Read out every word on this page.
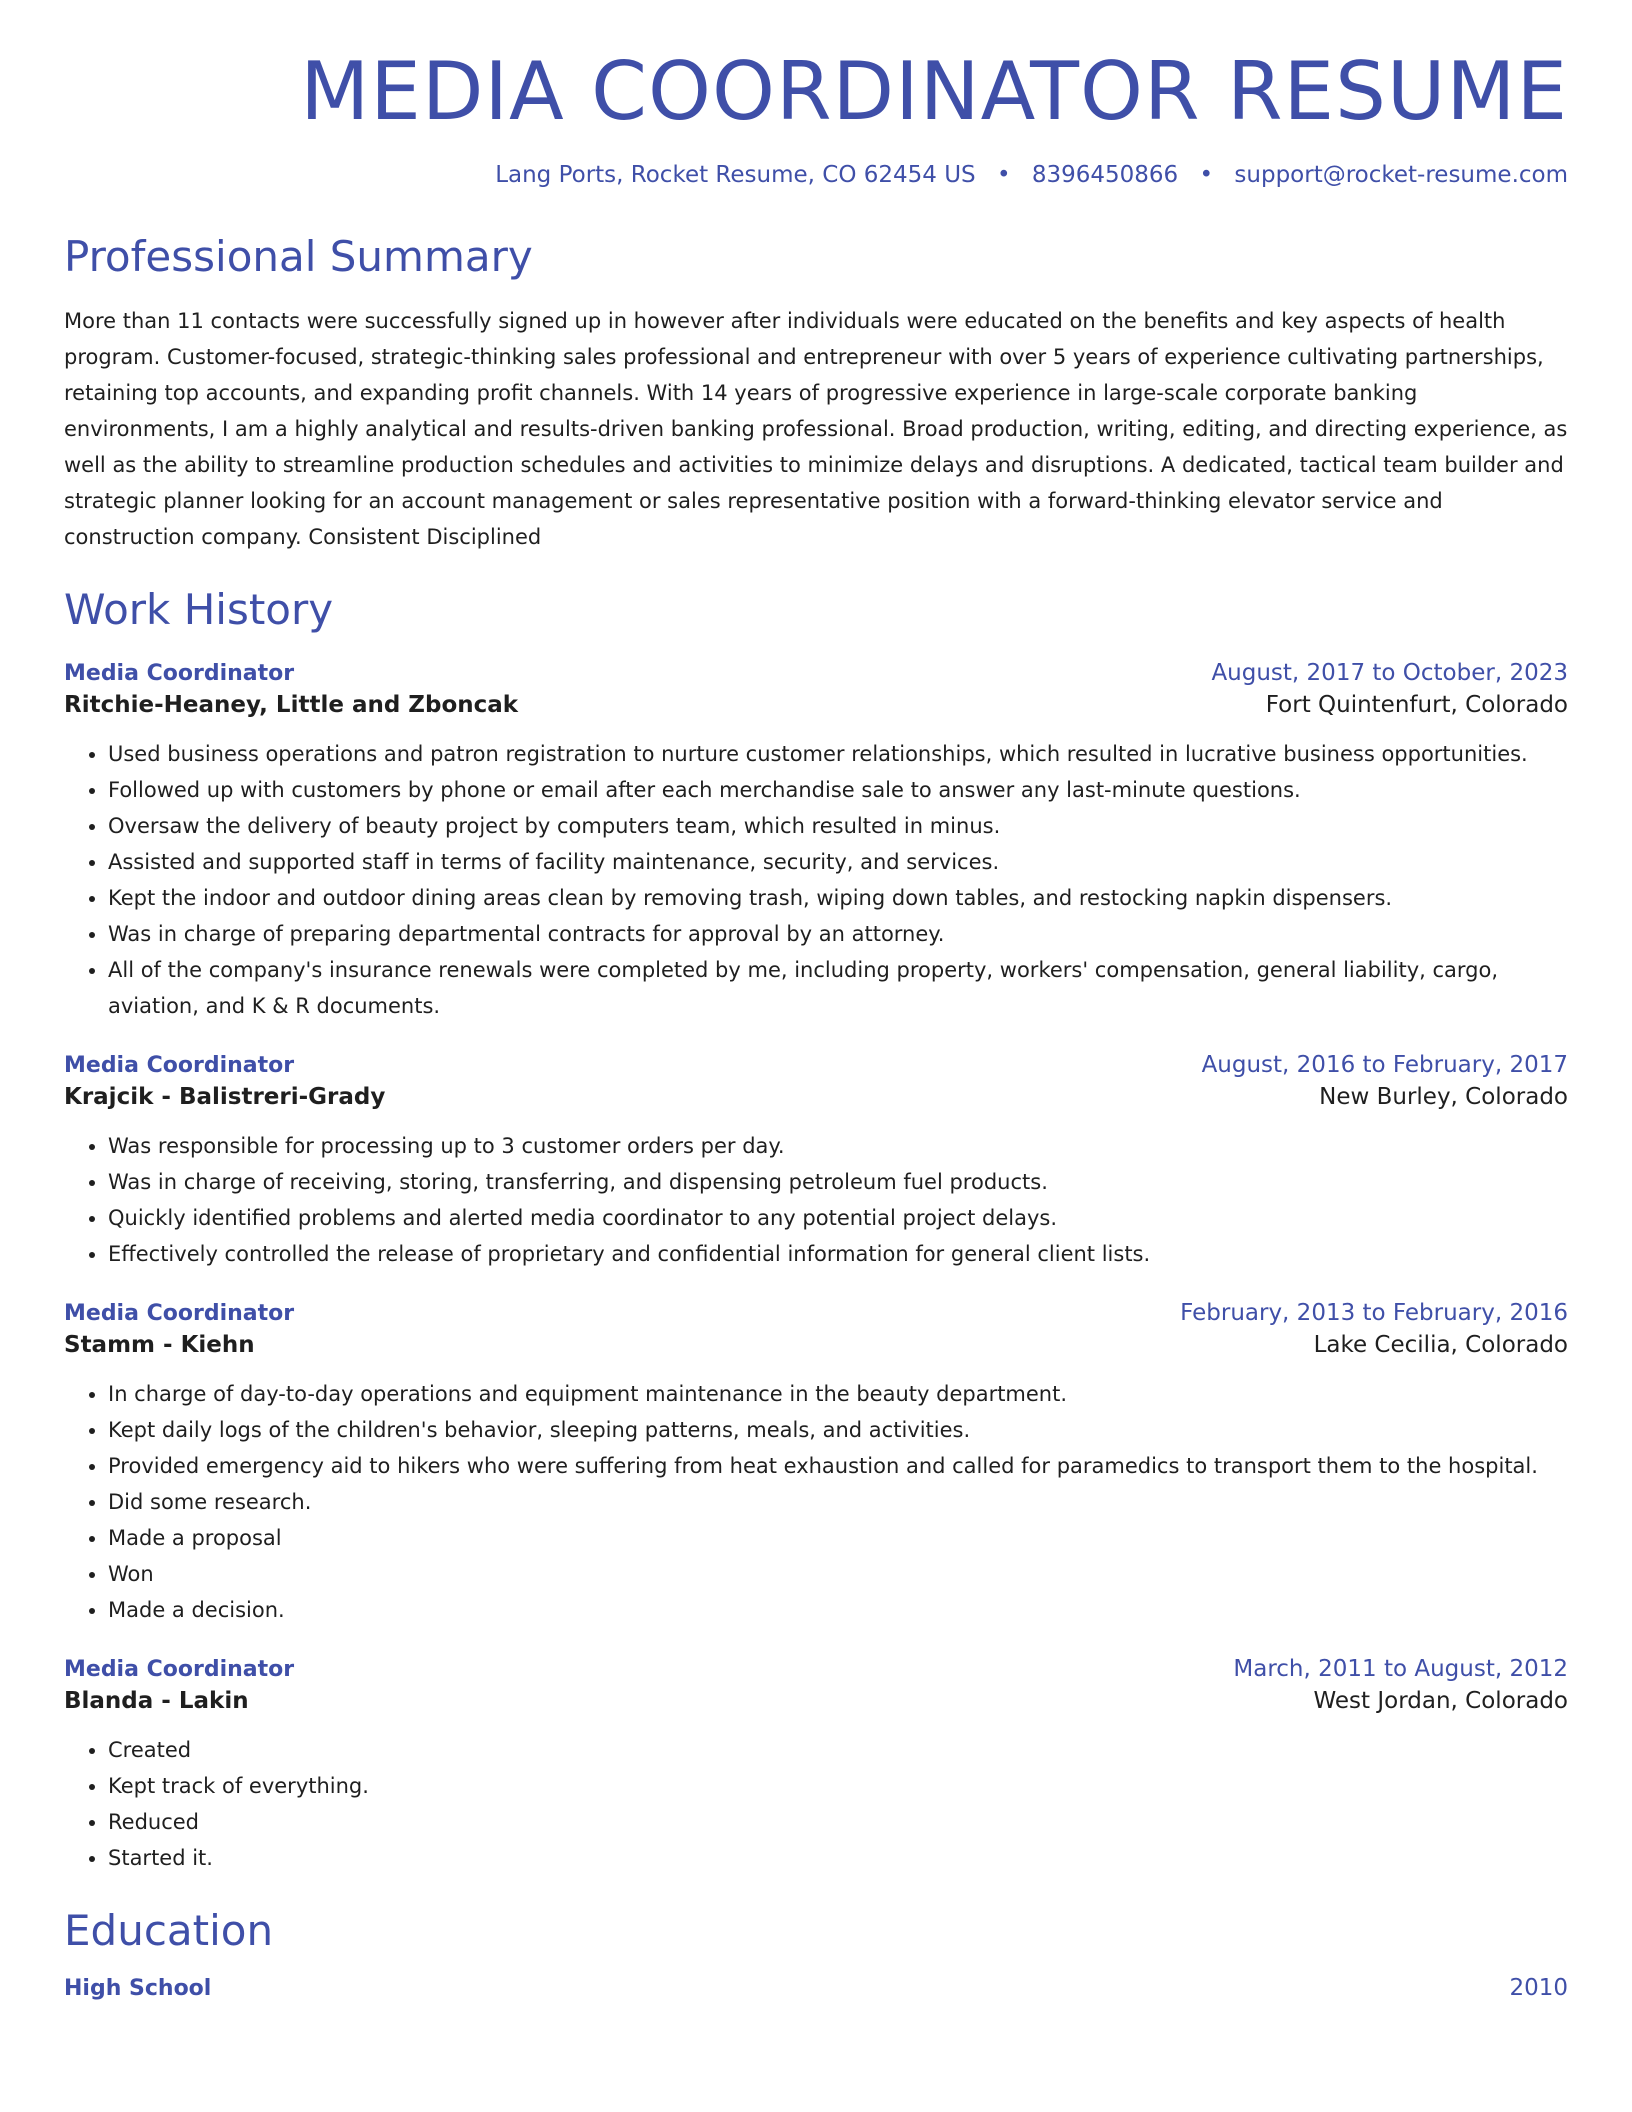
MEDIA COORDINATOR RESUME
Lang Ports, Rocket Resume, CO 62454 US • 8396450866 • support@rocket-resume.com
Professional Summary

More than 11 contacts were successfully signed up in however after individuals were educated on the benefits and key aspects of health program. Customer-focused, strategic-thinking sales professional and entrepreneur with over 5 years of experience cultivating partnerships, retaining top accounts, and expanding profit channels. With 14 years of progressive experience in large-scale corporate banking environments, I am a highly analytical and results-driven banking professional. Broad production, writing, editing, and directing experience, as well as the ability to streamline production schedules and activities to minimize delays and disruptions. A dedicated, tactical team builder and strategic planner looking for an account management or sales representative position with a forward-thinking elevator service and construction company. Consistent Disciplined

Work History
Media Coordinator	August, 2017 to October, 2023
Ritchie-Heaney, Little and Zboncak	Fort Quintenfurt, Colorado
• Used business operations and patron registration to nurture customer relationships, which resulted in lucrative business opportunities.
• Followed up with customers by phone or email after each merchandise sale to answer any last-minute questions.
• Oversaw the delivery of beauty project by computers team, which resulted in minus.
• Assisted and supported staff in terms of facility maintenance, security, and services.
• Kept the indoor and outdoor dining areas clean by removing trash, wiping down tables, and restocking napkin dispensers.
• Was in charge of preparing departmental contracts for approval by an attorney.
• All of the company's insurance renewals were completed by me, including property, workers' compensation, general liability, cargo, aviation, and K & R documents.
Media Coordinator	August, 2016 to February, 2017
Krajcik - Balistreri-Grady	New Burley, Colorado
• Was responsible for processing up to 3 customer orders per day.
• Was in charge of receiving, storing, transferring, and dispensing petroleum fuel products.
• Quickly identified problems and alerted media coordinator to any potential project delays.
• Effectively controlled the release of proprietary and confidential information for general client lists.
Media Coordinator	February, 2013 to February, 2016
Stamm - Kiehn	Lake Cecilia, Colorado
• In charge of day-to-day operations and equipment maintenance in the beauty department.
• Kept daily logs of the children's behavior, sleeping patterns, meals, and activities.
• Provided emergency aid to hikers who were suffering from heat exhaustion and called for paramedics to transport them to the hospital.
• Did some research.
• Made a proposal
• Won
• Made a decision.
Media Coordinator	March, 2011 to August, 2012
Blanda - Lakin	West Jordan, Colorado
• Created
• Kept track of everything.
• Reduced
• Started it.
Education
High School	2010
